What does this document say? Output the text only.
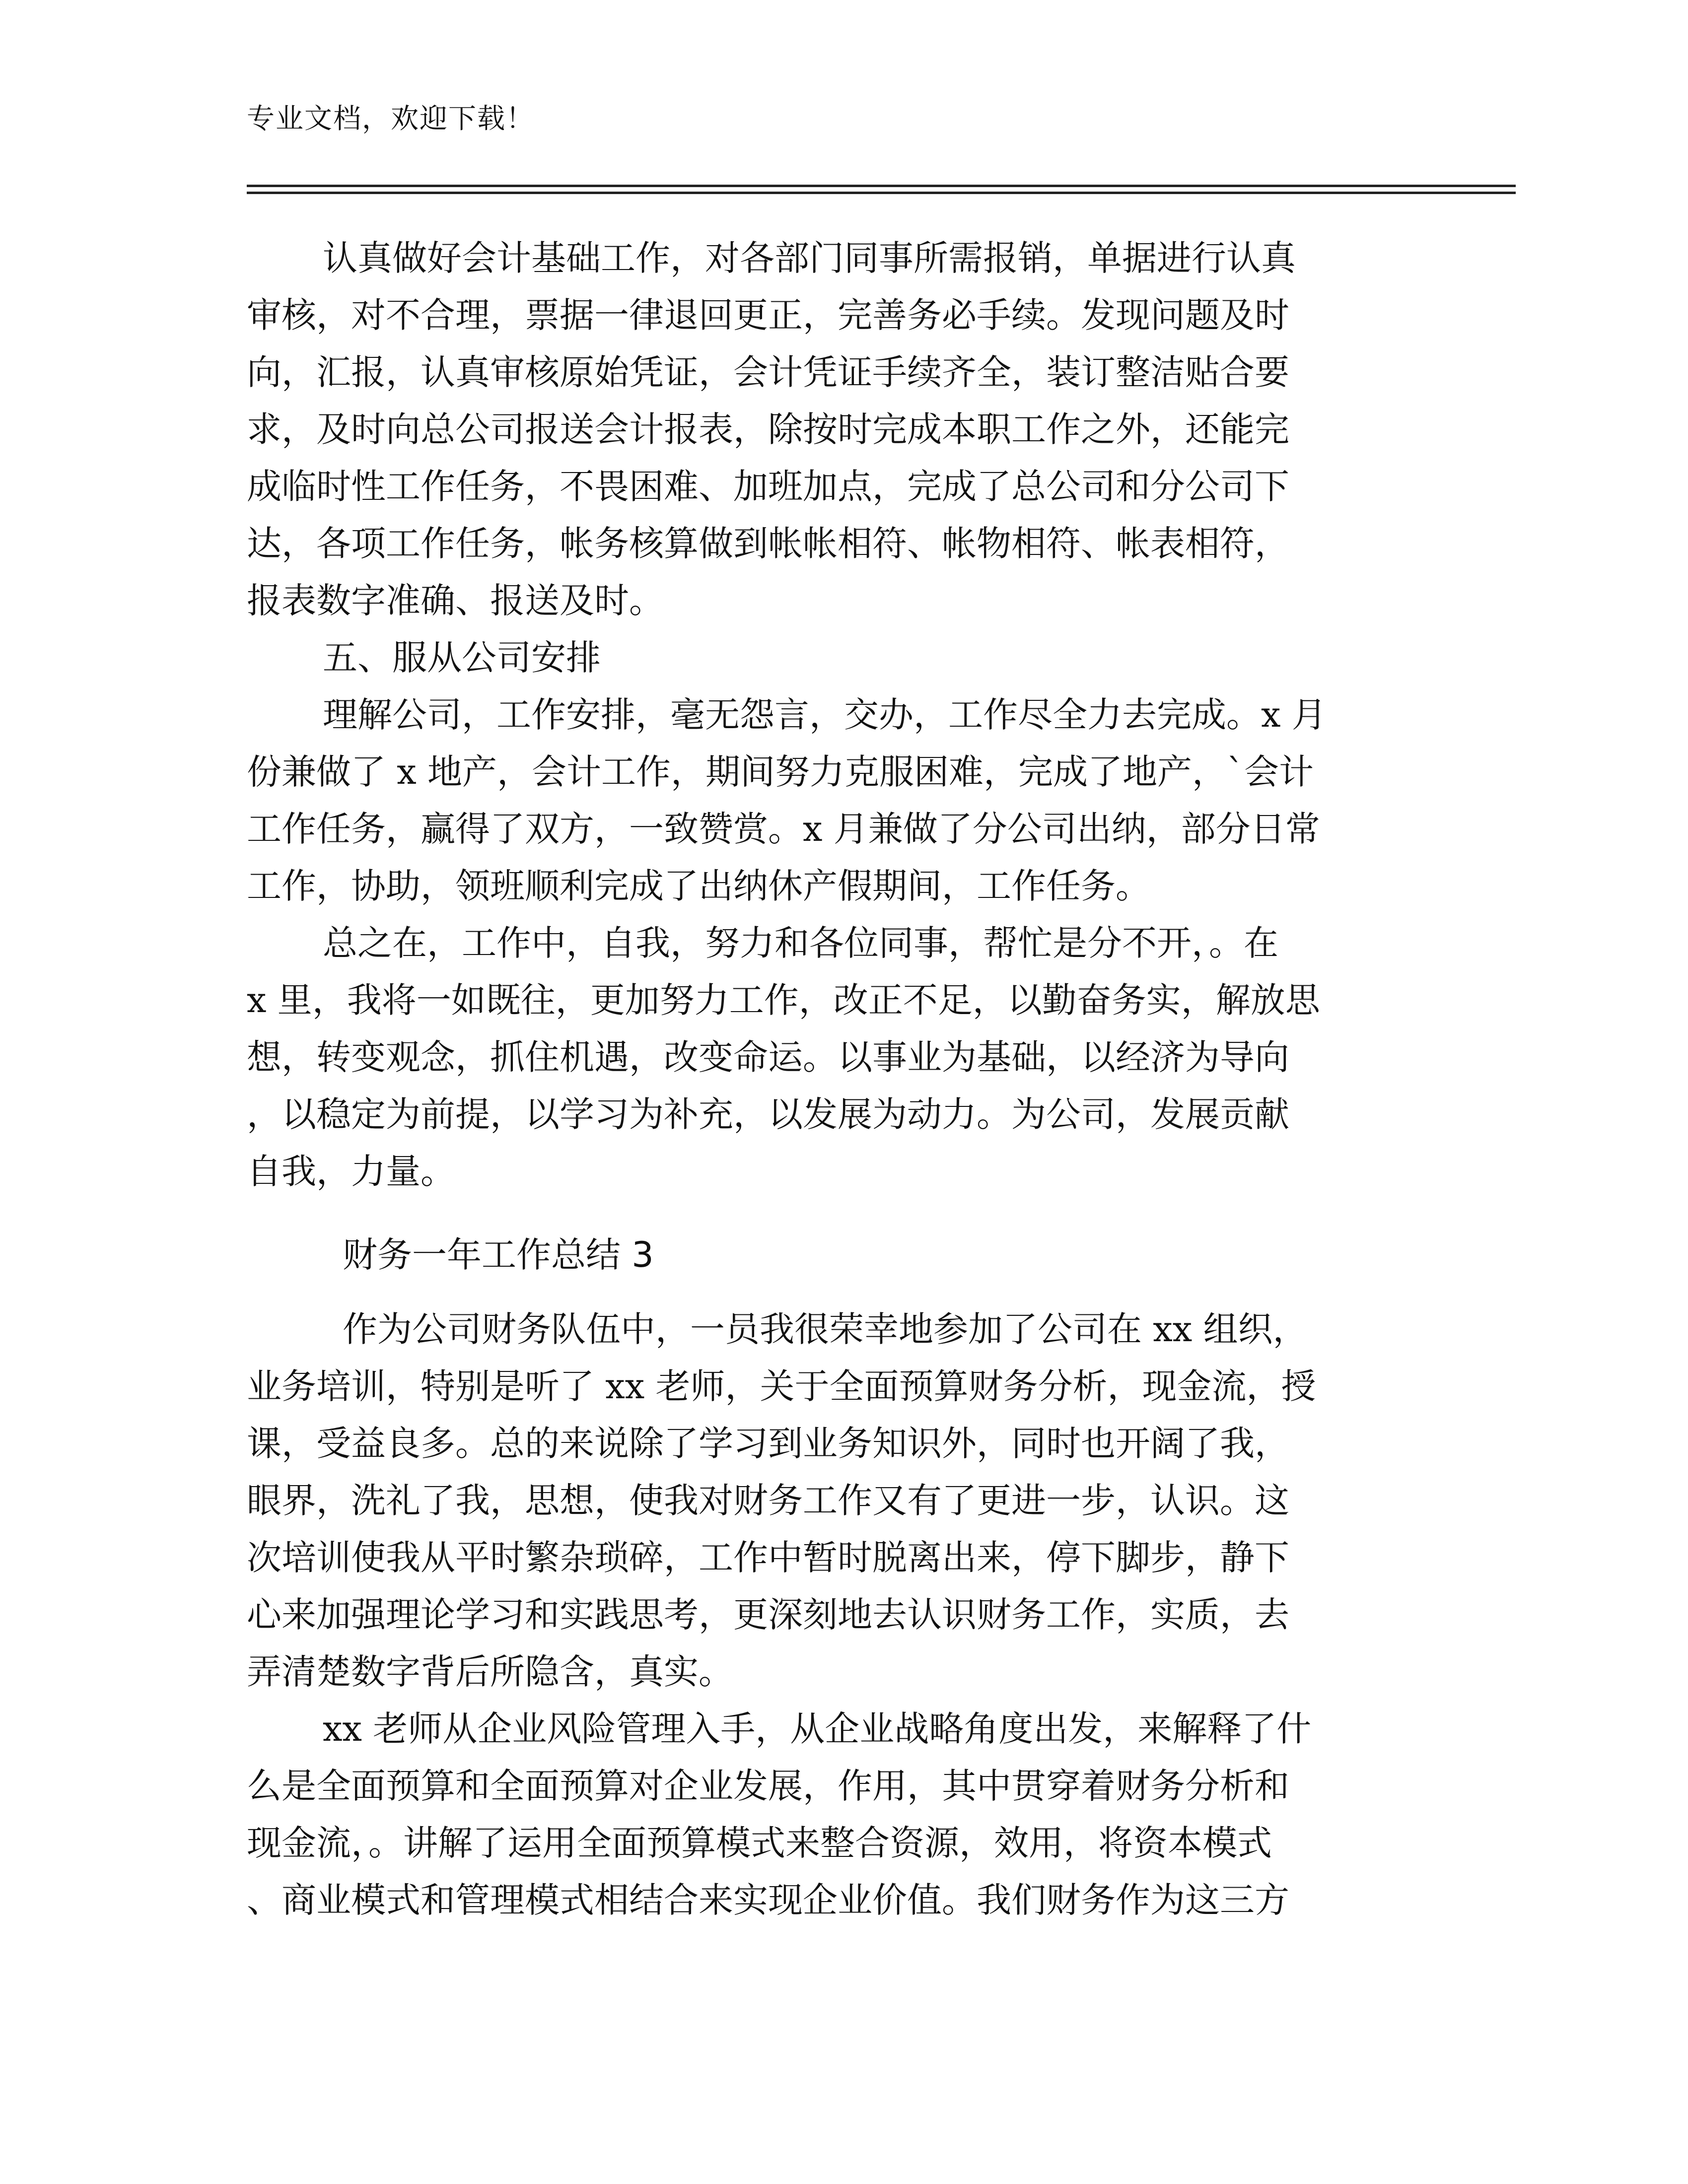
专业文档，欢迎下载！
认真做好会计基础工作，对各部门同事所需报销，单据进行认真
审核，对不合理，票据一律退回更正，完善务必手续。发现问题及时
向，汇报，认真审核原始凭证，会计凭证手续齐全，装订整洁贴合要
求，及时向总公司报送会计报表，除按时完成本职工作之外，还能完
成临时性工作任务，不畏困难、加班加点，完成了总公司和分公司下
达，各项工作任务，帐务核算做到帐帐相符、帐物相符、帐表相符，
报表数字准确、报送及时。
五、服从公司安排
理解公司，工作安排，毫无怨言，交办，工作尽全力去完成。x 月
份兼做了 x 地产，会计工作，期间努力克服困难，完成了地产，`会计
工作任务，赢得了双方，一致赞赏。x 月兼做了分公司出纳，部分日常
工作，协助，领班顺利完成了出纳休产假期间，工作任务。
总之在，工作中，自我，努力和各位同事，帮忙是分不开，。在
x 里，我将一如既往，更加努力工作，改正不足，以勤奋务实，解放思
想，转变观念，抓住机遇，改变命运。以事业为基础，以经济为导向
，以稳定为前提，以学习为补充，以发展为动力。为公司，发展贡献
自我，力量。
财务一年工作总结 3
作为公司财务队伍中，一员我很荣幸地参加了公司在 xx 组织，
业务培训，特别是听了 xx 老师，关于全面预算财务分析，现金流，授
课，受益良多。总的来说除了学习到业务知识外，同时也开阔了我，
眼界，洗礼了我，思想，使我对财务工作又有了更进一步，认识。这
次培训使我从平时繁杂琐碎，工作中暂时脱离出来，停下脚步，静下
心来加强理论学习和实践思考，更深刻地去认识财务工作，实质，去
弄清楚数字背后所隐含，真实。
xx 老师从企业风险管理入手，从企业战略角度出发，来解释了什
么是全面预算和全面预算对企业发展，作用，其中贯穿着财务分析和
现金流，。讲解了运用全面预算模式来整合资源，效用，将资本模式
、商业模式和管理模式相结合来实现企业价值。我们财务作为这三方
